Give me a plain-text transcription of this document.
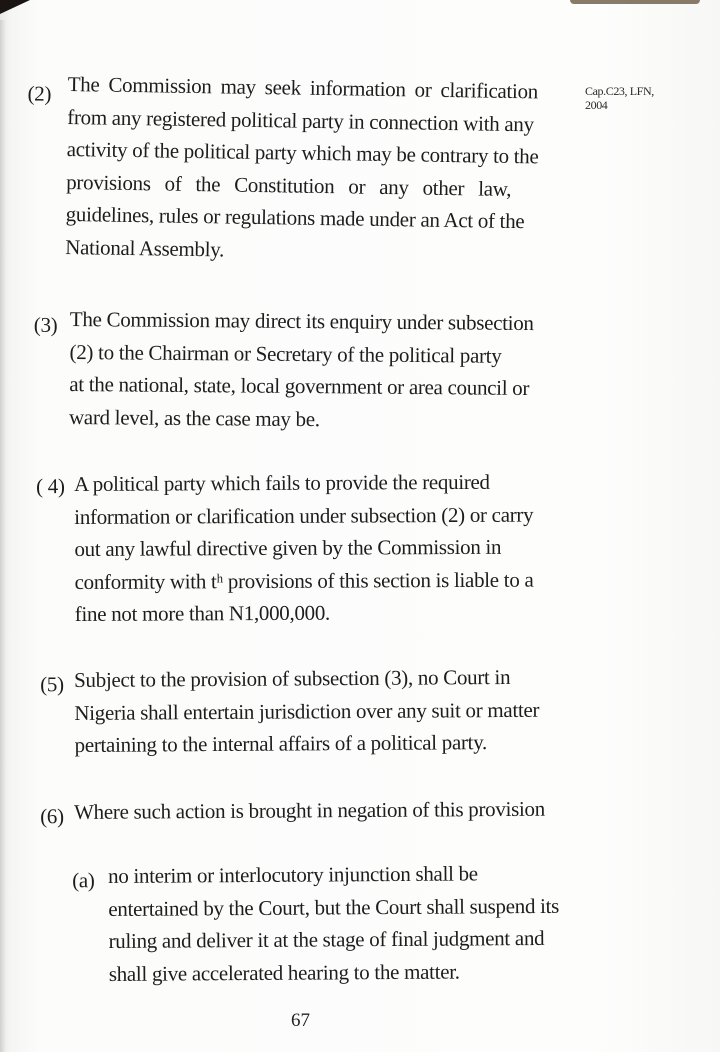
Cap.C23, LFN,
2004
(2) The Commission may seek information or clarification
from any registered political party in connection with any
activity of the political party which may be contrary to the
provisions of the Constitution or any other law,
guidelines, rules or regulations made under an Act of the
National Assembly.
(3) The Commission may direct its enquiry under subsection
(2) to the Chairman or Secretary of the political party
at the national, state, local government or area council or
ward level, as the case may be.
( 4) A political party which fails to provide the required
information or clarification under subsection (2) or carry
out any lawful directive given by the Commission in
conformity with tʰ provisions of this section is liable to a
fine not more than N1,000,000.
(5) Subject to the provision of subsection (3), no Court in
Nigeria shall entertain jurisdiction over any suit or matter
pertaining to the internal affairs of a political party.
(6) Where such action is brought in negation of this provision
(a) no interim or interlocutory injunction shall be
entertained by the Court, but the Court shall suspend its
ruling and deliver it at the stage of final judgment and
shall give accelerated hearing to the matter.
67
